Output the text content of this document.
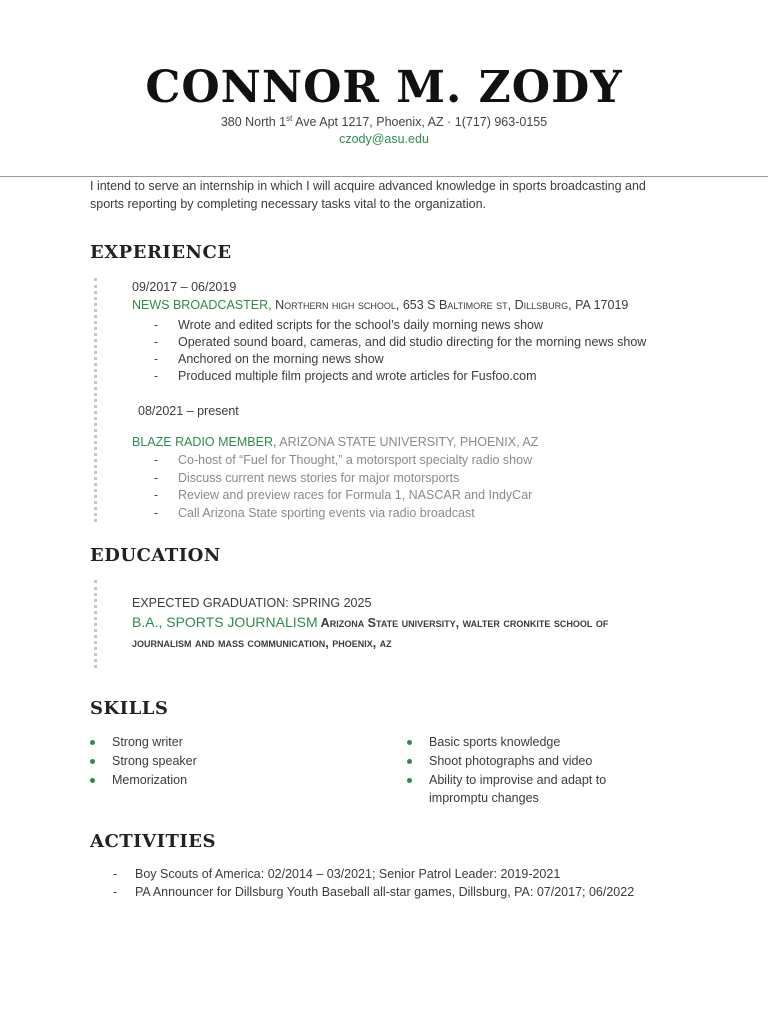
CONNOR M. ZODY
380 North 1st Ave Apt 1217, Phoenix, AZ · 1(717) 963-0155
czody@asu.edu
I intend to serve an internship in which I will acquire advanced knowledge in sports broadcasting and sports reporting by completing necessary tasks vital to the organization.
EXPERIENCE
09/2017 – 06/2019
NEWS BROADCASTER, Northern high school, 653 S Baltimore st, Dillsburg, PA 17019
- Wrote and edited scripts for the school’s daily morning news show
- Operated sound board, cameras, and did studio directing for the morning news show
- Anchored on the morning news show
- Produced multiple film projects and wrote articles for Fusfoo.com
08/2021 – present
BLAZE RADIO MEMBER, ARIZONA STATE UNIVERSITY, PHOENIX, AZ
- Co-host of “Fuel for Thought,” a motorsport specialty radio show
- Discuss current news stories for major motorsports
- Review and preview races for Formula 1, NASCAR and IndyCar
- Call Arizona State sporting events via radio broadcast
EDUCATION
EXPECTED GRADUATION: SPRING 2025
B.A., SPORTS JOURNALISM Arizona State university, walter cronkite school of
journalism and mass communication, phoenix, az
SKILLS
Strong writer
Strong speaker
Memorization
Basic sports knowledge
Shoot photographs and video
Ability to improvise and adapt to
impromptu changes
ACTIVITIES
- Boy Scouts of America: 02/2014 – 03/2021; Senior Patrol Leader: 2019-2021
- PA Announcer for Dillsburg Youth Baseball all-star games, Dillsburg, PA: 07/2017; 06/2022
